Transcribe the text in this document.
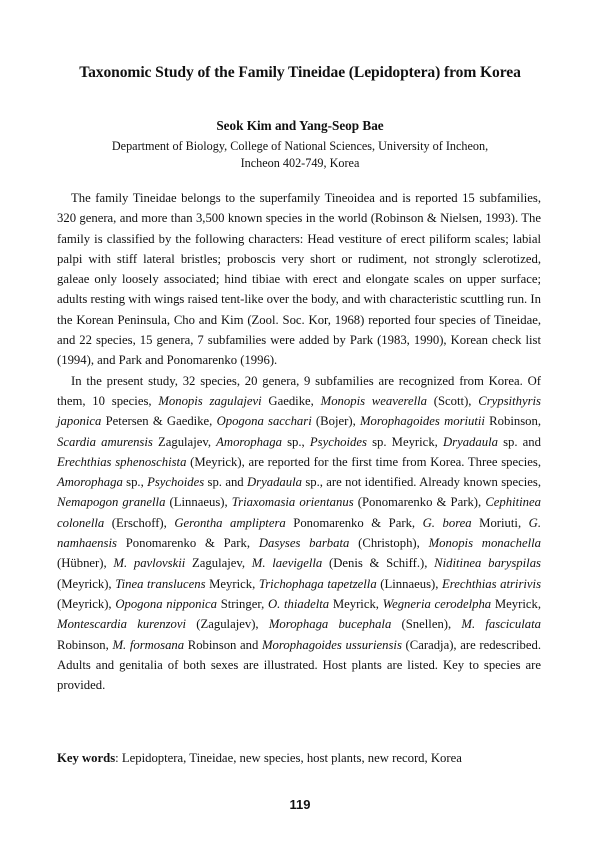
Taxonomic Study of the Family Tineidae (Lepidoptera) from Korea
Seok Kim and Yang-Seop Bae
Department of Biology, College of National Sciences, University of Incheon,
Incheon 402-749, Korea

The family Tineidae belongs to the superfamily Tineoidea and is reported 15 subfamilies, 320 genera, and more than 3,500 known species in the world (Robinson & Nielsen, 1993). The family is classified by the following characters: Head vestiture of erect piliform scales; labial palpi with stiff lateral bristles; proboscis very short or rudiment, not strongly sclerotized, galeae only loosely associated; hind tibiae with erect and elongate scales on upper surface; adults resting with wings raised tent-like over the body, and with characteristic scuttling run. In the Korean Peninsula, Cho and Kim (Zool. Soc. Kor, 1968) reported four species of Tineidae, and 22 species, 15 genera, 7 subfamilies were added by Park (1983, 1990), Korean check list (1994), and Park and Ponomarenko (1996).

In the present study, 32 species, 20 genera, 9 subfamilies are recognized from Korea. Of them, 10 species, Monopis zagulajevi Gaedike, Monopis weaverella (Scott), Crypsithyris japonica Petersen & Gaedike, Opogona sacchari (Bojer), Morophagoides moriutii Robinson, Scardia amurensis Zagulajev, Amorophaga sp., Psychoides sp. Meyrick, Dryadaula sp. and Erechthias sphenoschista (Meyrick), are reported for the first time from Korea. Three species, Amorophaga sp., Psychoides sp. and Dryadaula sp., are not identified. Already known species, Nemapogon granella (Linnaeus), Triaxomasia orientanus (Ponomarenko & Park), Cephitinea colonella (Erschoff), Gerontha ampliptera Ponomarenko & Park, G. borea Moriuti, G. namhaensis Ponomarenko & Park, Dasyses barbata (Christoph), Monopis monachella (Hübner), M. pavlovskii Zagulajev, M. laevigella (Denis & Schiff.), Niditinea baryspilas (Meyrick), Tinea translucens Meyrick, Trichophaga tapetzella (Linnaeus), Erechthias atririvis (Meyrick), Opogona nipponica Stringer, O. thiadelta Meyrick, Wegneria cerodelpha Meyrick, Montescardia kurenzovi (Zagulajev), Morophaga bucephala (Snellen), M. fasciculata Robinson, M. formosana Robinson and Morophagoides ussuriensis (Caradja), are redescribed. Adults and genitalia of both sexes are illustrated. Host plants are listed. Key to species are provided.

Key words: Lepidoptera, Tineidae, new species, host plants, new record, Korea
119
